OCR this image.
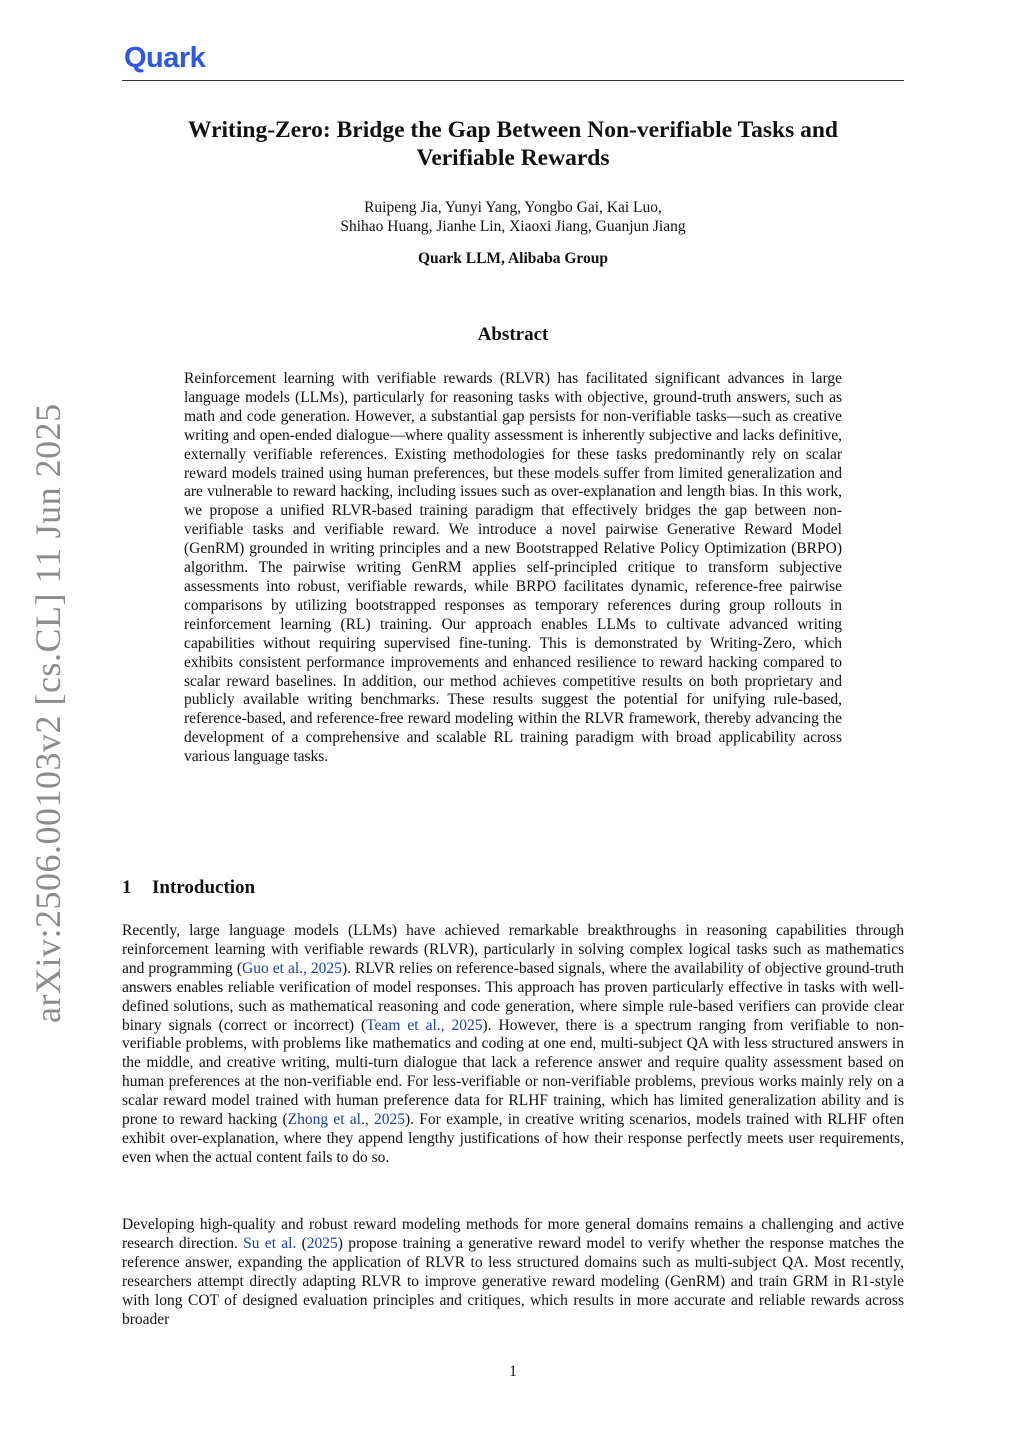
Quark
arXiv:2506.00103v2 [cs.CL] 11 Jun 2025
Writing-Zero: Bridge the Gap Between Non-verifiable Tasks and
Verifiable Rewards
Ruipeng Jia, Yunyi Yang, Yongbo Gai, Kai Luo,
Shihao Huang, Jianhe Lin, Xiaoxi Jiang, Guanjun Jiang
Quark LLM, Alibaba Group
Abstract
Reinforcement learning with verifiable rewards (RLVR) has facilitated significant advances in large language models (LLMs), particularly for reasoning tasks with objective, ground-truth answers, such as math and code generation. However, a substantial gap persists for non-verifiable tasks—such as creative writing and open-ended dialogue—where quality assessment is inherently subjective and lacks definitive, externally verifiable references. Existing methodologies for these tasks predominantly rely on scalar reward models trained using human preferences, but these models suffer from limited generalization and are vulnerable to reward hacking, including issues such as over-explanation and length bias. In this work, we propose a unified RLVR-based training paradigm that effectively bridges the gap between non-verifiable tasks and verifiable reward. We introduce a novel pairwise Generative Reward Model (GenRM) grounded in writing principles and a new Bootstrapped Relative Policy Optimization (BRPO) algorithm. The pairwise writing GenRM applies self-principled critique to transform subjective assessments into robust, verifiable rewards, while BRPO facilitates dynamic, reference-free pairwise comparisons by utilizing bootstrapped responses as temporary references during group rollouts in reinforcement learning (RL) training. Our approach enables LLMs to cultivate advanced writing capabilities without requiring supervised fine-tuning. This is demonstrated by Writing-Zero, which exhibits consistent performance improvements and enhanced resilience to reward hacking compared to scalar reward baselines. In addition, our method achieves competitive results on both proprietary and publicly available writing benchmarks. These results suggest the potential for unifying rule-based, reference-based, and reference-free reward modeling within the RLVR framework, thereby advancing the development of a comprehensive and scalable RL training paradigm with broad applicability across various language tasks.
1 Introduction
Recently, large language models (LLMs) have achieved remarkable breakthroughs in reasoning capabilities through reinforcement learning with verifiable rewards (RLVR), particularly in solving complex logical tasks such as mathematics and programming (Guo et al., 2025). RLVR relies on reference-based signals, where the availability of objective ground-truth answers enables reliable verification of model responses. This approach has proven particularly effective in tasks with well-defined solutions, such as mathematical reasoning and code generation, where simple rule-based verifiers can provide clear binary signals (correct or incorrect) (Team et al., 2025). However, there is a spectrum ranging from verifiable to non-verifiable problems, with problems like mathematics and coding at one end, multi-subject QA with less structured answers in the middle, and creative writing, multi-turn dialogue that lack a reference answer and require quality assessment based on human preferences at the non-verifiable end. For less-verifiable or non-verifiable problems, previous works mainly rely on a scalar reward model trained with human preference data for RLHF training, which has limited generalization ability and is prone to reward hacking (Zhong et al., 2025). For example, in creative writing scenarios, models trained with RLHF often exhibit over-explanation, where they append lengthy justifications of how their response perfectly meets user requirements, even when the actual content fails to do so.
Developing high-quality and robust reward modeling methods for more general domains remains a challenging and active research direction. Su et al. (2025) propose training a generative reward model to verify whether the response matches the reference answer, expanding the application of RLVR to less structured domains such as multi-subject QA. Most recently, researchers attempt directly adapting RLVR to improve generative reward modeling (GenRM) and train GRM in R1-style with long COT of designed evaluation principles and critiques, which results in more accurate and reliable rewards across broader
1
